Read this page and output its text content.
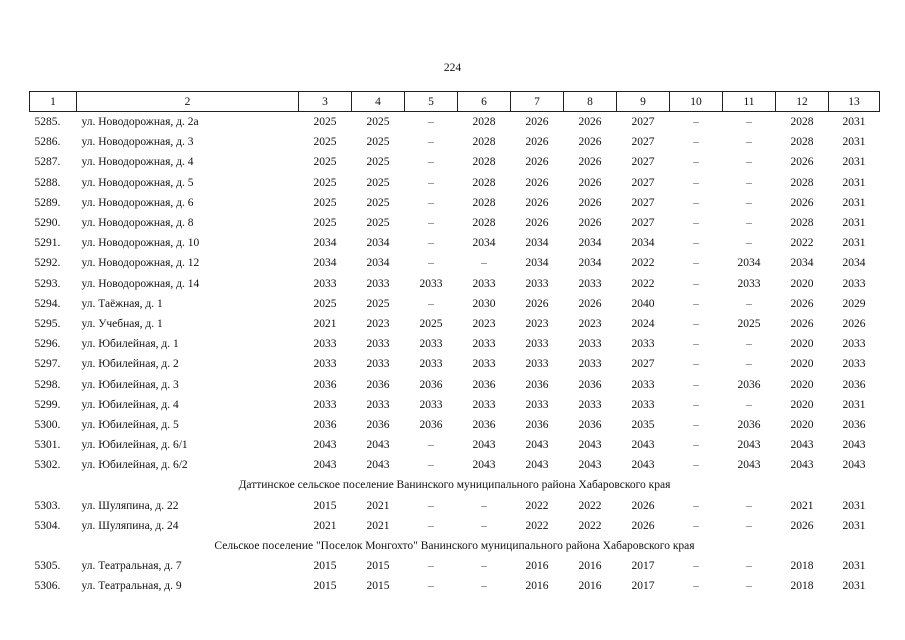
224
1	2	3	4	5	6	7	8	9	10	11	12	13
5285.	ул. Новодорожная, д. 2а	2025	2025	–	2028	2026	2026	2027	–	–	2028	2031
5286.	ул. Новодорожная, д. 3	2025	2025	–	2028	2026	2026	2027	–	–	2028	2031
5287.	ул. Новодорожная, д. 4	2025	2025	–	2028	2026	2026	2027	–	–	2026	2031
5288.	ул. Новодорожная, д. 5	2025	2025	–	2028	2026	2026	2027	–	–	2028	2031
5289.	ул. Новодорожная, д. 6	2025	2025	–	2028	2026	2026	2027	–	–	2026	2031
5290.	ул. Новодорожная, д. 8	2025	2025	–	2028	2026	2026	2027	–	–	2028	2031
5291.	ул. Новодорожная, д. 10	2034	2034	–	2034	2034	2034	2034	–	–	2022	2031
5292.	ул. Новодорожная, д. 12	2034	2034	–	–	2034	2034	2022	–	2034	2034	2034
5293.	ул. Новодорожная, д. 14	2033	2033	2033	2033	2033	2033	2022	–	2033	2020	2033
5294.	ул. Таёжная, д. 1	2025	2025	–	2030	2026	2026	2040	–	–	2026	2029
5295.	ул. Учебная, д. 1	2021	2023	2025	2023	2023	2023	2024	–	2025	2026	2026
5296.	ул. Юбилейная, д. 1	2033	2033	2033	2033	2033	2033	2033	–	–	2020	2033
5297.	ул. Юбилейная, д. 2	2033	2033	2033	2033	2033	2033	2027	–	–	2020	2033
5298.	ул. Юбилейная, д. 3	2036	2036	2036	2036	2036	2036	2033	–	2036	2020	2036
5299.	ул. Юбилейная, д. 4	2033	2033	2033	2033	2033	2033	2033	–	–	2020	2031
5300.	ул. Юбилейная, д. 5	2036	2036	2036	2036	2036	2036	2035	–	2036	2020	2036
5301.	ул. Юбилейная, д. 6/1	2043	2043	–	2043	2043	2043	2043	–	2043	2043	2043
5302.	ул. Юбилейная, д. 6/2	2043	2043	–	2043	2043	2043	2043	–	2043	2043	2043
Даттинское сельское поселение Ванинского муниципального района Хабаровского края												
5303.	ул. Шуляпина, д. 22	2015	2021	–	–	2022	2022	2026	–	–	2021	2031
5304.	ул. Шуляпина, д. 24	2021	2021	–	–	2022	2022	2026	–	–	2026	2031
Сельское поселение "Поселок Монгохто" Ванинского муниципального района Хабаровского края												
5305.	ул. Театральная, д. 7	2015	2015	–	–	2016	2016	2017	–	–	2018	2031
5306.	ул. Театральная, д. 9	2015	2015	–	–	2016	2016	2017	–	–	2018	2031
